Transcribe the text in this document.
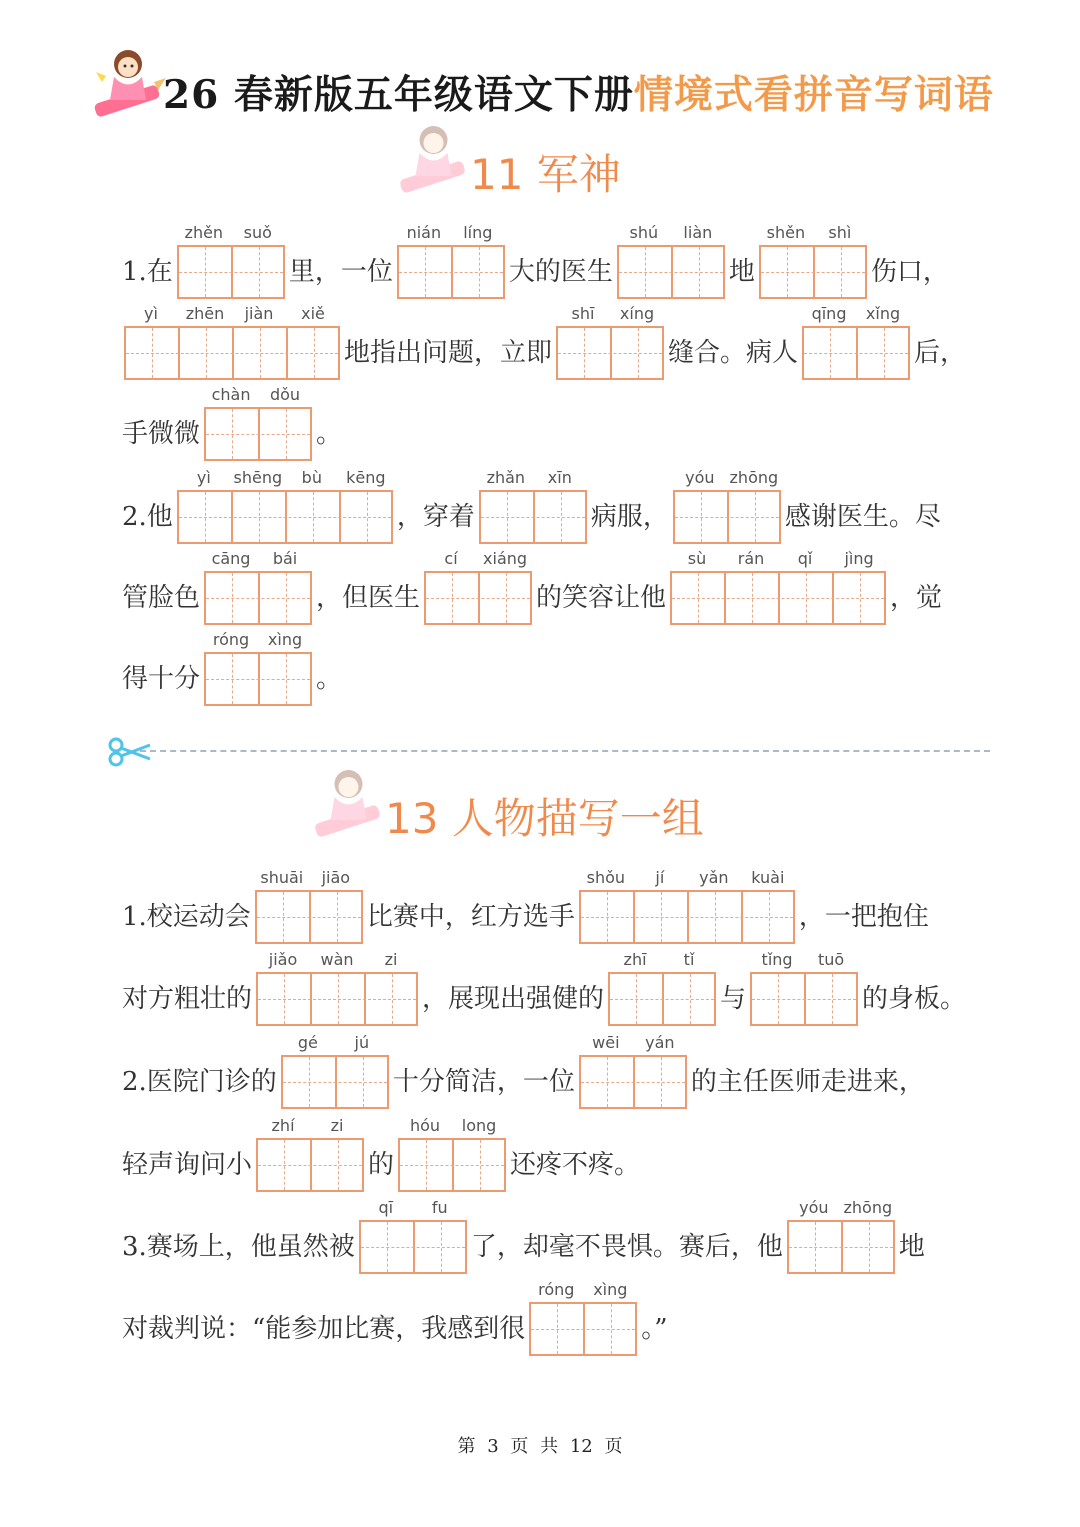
26 春新版五年级语文下册情境式看拼音写词语
11 军神
13 人物描写一组
1.在
zhěn suǒ
里，一位
nián líng
大的医生
shú liàn
地
shěn shì
伤口，
yì zhēn jiàn xiě
地指出问题，立即
shī xíng
缝合。病人
qīng xǐng
后，
手微微
chàn dǒu
。
2.他
yì shēng bù kēng
，穿着
zhǎn xīn
病服，
yóu zhōng
感谢医生。尽
管脸色
cāng bái
，但医生
cí xiáng
的笑容让他
sù rán qǐ jìng
，觉
得十分
róng xìng
。
1.校运动会
shuāi jiāo
比赛中，红方选手
shǒu jí yǎn kuài
，一把抱住
对方粗壮的
jiǎo wàn zi
，展现出强健的
zhī tǐ
与
tǐng tuō
的身板。
2.医院门诊的
gé jú
十分简洁，一位
wēi yán
的主任医师走进来，
轻声询问小
zhí zi
的
hóu long
还疼不疼。
3.赛场上，他虽然被
qī fu
了，却毫不畏惧。赛后，他
yóu zhōng
地
对裁判说：“能参加比赛，我感到很
róng xìng
。”
第 3 页 共 12 页
